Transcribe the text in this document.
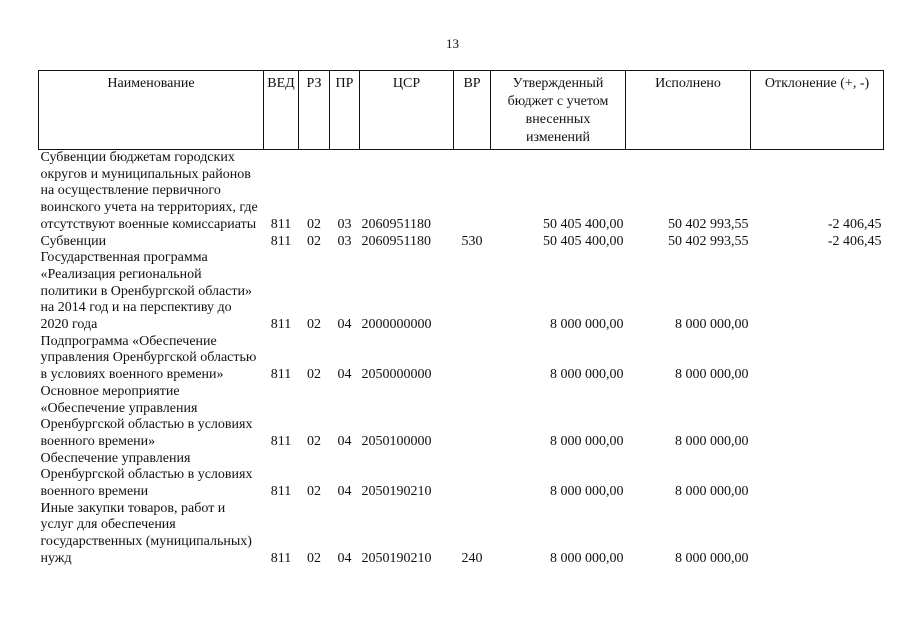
13
Наименование	ВЕД	РЗ	ПР	ЦСР	ВР	Утвержденный бюджет с учетом внесенных изменений	Исполнено	Отклонение (+, -)
Субвенции бюджетам городских округов и муниципальных районов на осуществление первичного воинского учета на территориях, где отсутствуют военные комиссариаты	811	02	03	2060951180		50 405 400,00	50 402 993,55	-2 406,45
Субвенции	811	02	03	2060951180	530	50 405 400,00	50 402 993,55	-2 406,45
Государственная программа «Реализация региональной политики в Оренбургской области» на 2014 год и на перспективу до 2020 года	811	02	04	2000000000		8 000 000,00	8 000 000,00	
Подпрограмма «Обеспечение управления Оренбургской областью в условиях военного времени»	811	02	04	2050000000		8 000 000,00	8 000 000,00	
Основное мероприятие «Обеспечение управления Оренбургской областью в условиях военного времени»	811	02	04	2050100000		8 000 000,00	8 000 000,00	
Обеспечение управления Оренбургской областью в условиях военного времени	811	02	04	2050190210		8 000 000,00	8 000 000,00	
Иные закупки товаров, работ и услуг для обеспечения государственных (муниципальных) нужд	811	02	04	2050190210	240	8 000 000,00	8 000 000,00	
